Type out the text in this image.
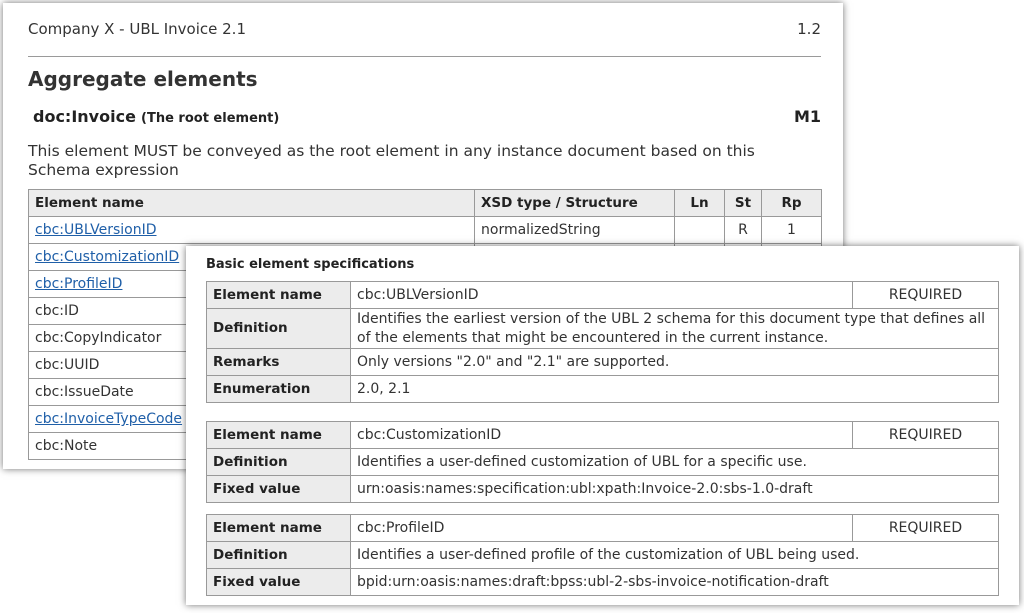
Company X - UBL Invoice 2.1	1.2
Aggregate elements
doc:Invoice (The root element)	M1
This element MUST be conveyed as the root element in any instance document based on this Schema expression
Element name	XSD type / Structure	Ln	St	Rp
cbc:UBLVersionID	normalizedString		R	1
cbc:CustomizationID				
cbc:ProfileID				
cbc:ID				
cbc:CopyIndicator				
cbc:UUID				
cbc:IssueDate				
cbc:InvoiceTypeCode				
cbc:Note				
Basic element specifications
Element name	cbc:UBLVersionID	REQUIRED
Definition	Identifies the earliest version of the UBL 2 schema for this document type that defines all of the elements that might be encountered in the current instance.	
Remarks	Only versions "2.0" and "2.1" are supported.	
Enumeration	2.0, 2.1	
Element name	cbc:CustomizationID	REQUIRED
Definition	Identifies a user-defined customization of UBL for a specific use.	
Fixed value	urn:oasis:names:specification:ubl:xpath:Invoice-2.0:sbs-1.0-draft	
Element name	cbc:ProfileID	REQUIRED
Definition	Identifies a user-defined profile of the customization of UBL being used.	
Fixed value	bpid:urn:oasis:names:draft:bpss:ubl-2-sbs-invoice-notification-draft	
